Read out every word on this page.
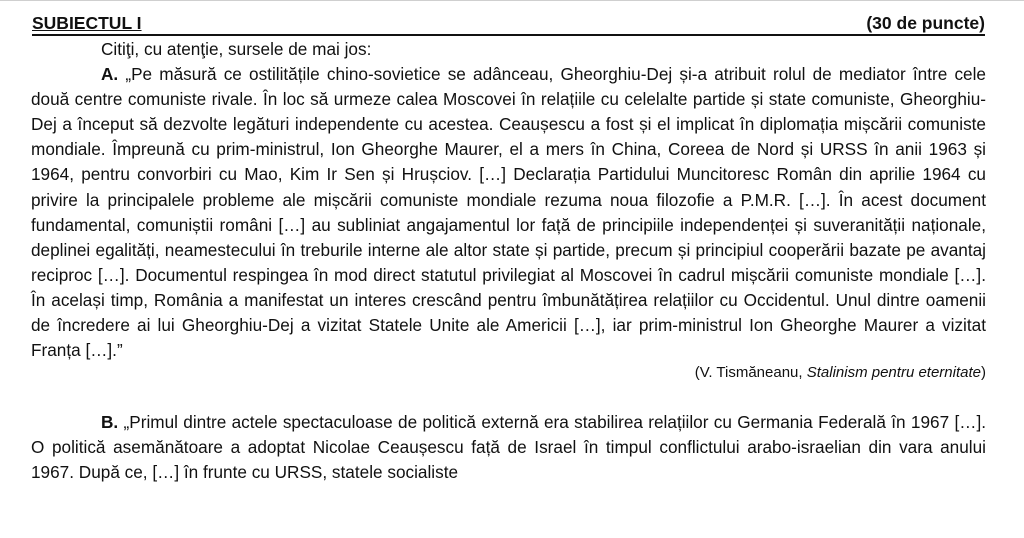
SUBIECTUL I	(30 de puncte)

Citiţi, cu atenţie, sursele de mai jos:

A. „Pe măsură ce ostilitățile chino-sovietice se adânceau, Gheorghiu-Dej și-a atribuit rolul de mediator între cele două centre comuniste rivale. În loc să urmeze calea Moscovei în relațiile cu celelalte partide și state comuniste, Gheorghiu-Dej a început să dezvolte legături independente cu acestea. Ceaușescu a fost și el implicat în diplomația mișcării comuniste mondiale. Împreună cu prim-ministrul, Ion Gheorghe Maurer, el a mers în China, Coreea de Nord și URSS în anii 1963 și 1964, pentru convorbiri cu Mao, Kim Ir Sen și Hrușciov. […] Declarația Partidului Muncitoresc Român din aprilie 1964 cu privire la principalele probleme ale mișcării comuniste mondiale rezuma noua filozofie a P.M.R. […]. În acest document fundamental, comuniștii români […] au subliniat angajamentul lor față de principiile independenței și suveranității naționale, deplinei egalități, neamestecului în treburile interne ale altor state și partide, precum și principiul cooperării bazate pe avantaj reciproc […]. Documentul respingea în mod direct statutul privilegiat al Moscovei în cadrul mișcării comuniste mondiale […]. În același timp, România a manifestat un interes crescând pentru îmbunătățirea relațiilor cu Occidentul. Unul dintre oamenii de încredere ai lui Gheorghiu-Dej a vizitat Statele Unite ale Americii […], iar prim-ministrul Ion Gheorghe Maurer a vizitat Franța […].”

(V. Tismăneanu, Stalinism pentru eternitate)

B. „Primul dintre actele spectaculoase de politică externă era stabilirea relațiilor cu Germania Federală în 1967 […]. O politică asemănătoare a adoptat Nicolae Ceaușescu față de Israel în timpul conflictului arabo-israelian din vara anului 1967. După ce, […] în frunte cu URSS, statele socialiste
